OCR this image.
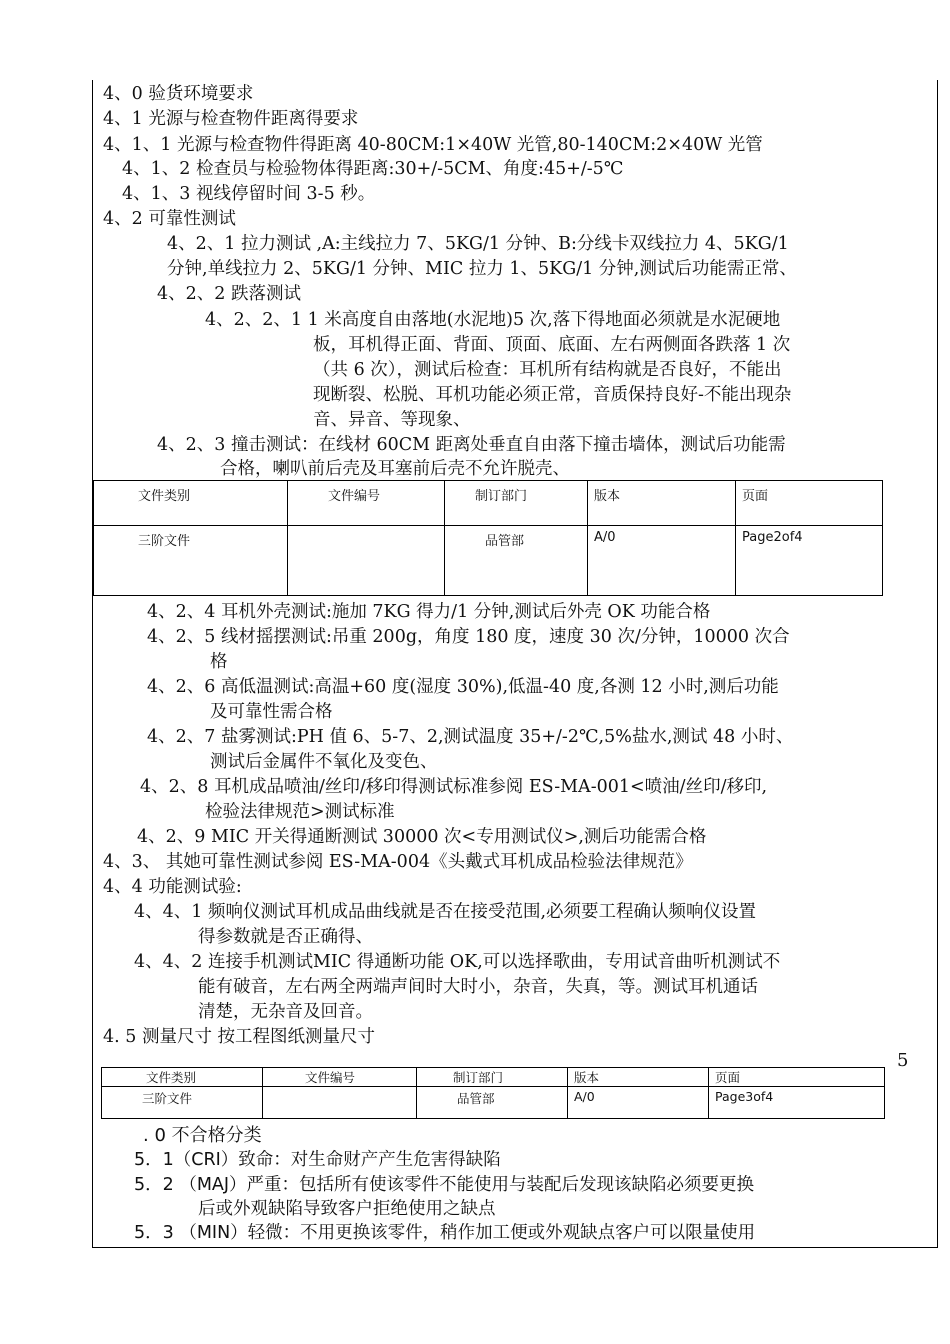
4、0 验货环境要求

4、1 光源与检查物件距离得要求

4、1、1 光源与检查物件得距离 40-80CM:1×40W 光管,80-140CM:2×40W 光管

4、1、2 检查员与检验物体得距离:30+/-5CM、角度:45+/-5℃

4、1、3 视线停留时间 3-5 秒。

4、2 可靠性测试

4、2、1 拉力测试 ,A:主线拉力 7、5KG/1 分钟、B:分线卡双线拉力 4、5KG/1

分钟,单线拉力 2、5KG/1 分钟、MIC 拉力 1、5KG/1 分钟,测试后功能需正常、

4、2、2 跌落测试

4、2、2、1 1 米高度自由落地(水泥地)5 次,落下得地面必须就是水泥硬地

板，耳机得正面、背面、顶面、底面、左右两侧面各跌落 1 次

（共 6 次），测试后检查：耳机所有结构就是否良好，不能出

现断裂、松脱、耳机功能必须正常，音质保持良好-不能出现杂

音、异音、等现象、

4、2、3 撞击测试：在线材 60CM 距离处垂直自由落下撞击墙体，测试后功能需

合格，喇叭前后壳及耳塞前后壳不允许脱壳、

文件类别	文件编号	制订部门	版本	页面
三阶文件		品管部	A/0	Page2of4

4、2、4 耳机外壳测试:施加 7KG 得力/1 分钟,测试后外壳 OK 功能合格

4、2、5 线材摇摆测试:吊重 200g，角度 180 度，速度 30 次/分钟，10000 次合

格

4、2、6 高低温测试:高温+60 度(湿度 30%),低温-40 度,各测 12 小时,测后功能

及可靠性需合格

4、2、7 盐雾测试:PH 值 6、5-7、2,测试温度 35+/-2℃,5%盐水,测试 48 小时、

测试后金属件不氧化及变色、

4、2、8 耳机成品喷油/丝印/移印得测试标准参阅 ES-MA-001<喷油/丝印/移印,

检验法律规范>测试标准

4、2、9 MIC 开关得通断测试 30000 次<专用测试仪>,测后功能需合格

4、3、 其她可靠性测试参阅 ES-MA-004《头戴式耳机成品检验法律规范》

4、4 功能测试验:

4、4、1 频响仪测试耳机成品曲线就是否在接受范围,必须要工程确认频响仪设置

得参数就是否正确得、

4、4、2 连接手机测试MIC 得通断功能 OK,可以选择歌曲，专用试音曲听机测试不

能有破音，左右两全两端声间时大时小，杂音，失真，等。测试耳机通话

清楚，无杂音及回音。

4. 5 测量尺寸 按工程图纸测量尺寸

5
文件类别	文件编号	制订部门	版本	页面
三阶文件		品管部	A/0	Page3of4

. 0 不合格分类

5．1（CRI）致命：对生命财产产生危害得缺陷

5．2 （MAJ）严重：包括所有使该零件不能使用与装配后发现该缺陷必须要更换

后或外观缺陷导致客户拒绝使用之缺点

5．3 （MIN）轻微：不用更换该零件，稍作加工便或外观缺点客户可以限量使用
